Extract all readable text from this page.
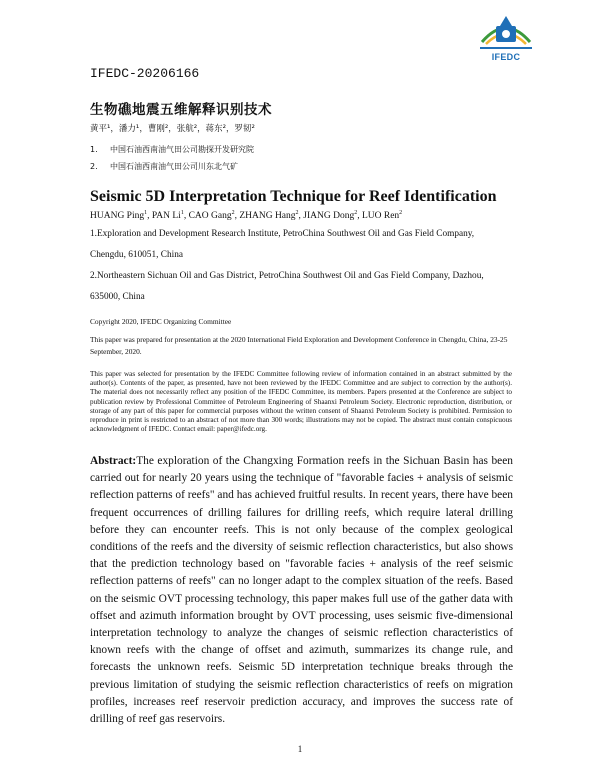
IFEDC
IFEDC-20206166
生物礁地震五维解释识别技术
黄平¹，潘力¹，曹刚²，张航²，蒋东²，罗韧²
1. 中国石油西南油气田公司勘探开发研究院
2. 中国石油西南油气田公司川东北气矿
Seismic 5D Interpretation Technique for Reef Identification
HUANG Ping$^1$, PAN Li$^1$, CAO Gang$^2$, ZHANG Hang$^2$, JIANG Dong$^2$, LUO Ren$^2$
1.Exploration and Development Research Institute, PetroChina Southwest Oil and Gas Field Company, Chengdu, 610051, China
2.Northeastern Sichuan Oil and Gas District, PetroChina Southwest Oil and Gas Field Company, Dazhou, 635000, China
Copyright 2020, IFEDC Organizing Committee
This paper was prepared for presentation at the 2020 International Field Exploration and Development Conference in Chengdu, China, 23-25 September, 2020.
This paper was selected for presentation by the IFEDC Committee following review of information contained in an abstract submitted by the author(s). Contents of the paper, as presented, have not been reviewed by the IFEDC Committee and are subject to correction by the author(s). The material does not necessarily reflect any position of the IFEDC Committee, its members. Papers presented at the Conference are subject to publication review by Professional Committee of Petroleum Engineering of Shaanxi Petroleum Society. Electronic reproduction, distribution, or storage of any part of this paper for commercial purposes without the written consent of Shaanxi Petroleum Society is prohibited. Permission to reproduce in print is restricted to an abstract of not more than 300 words; illustrations may not be copied. The abstract must contain conspicuous acknowledgment of IFEDC. Contact email: paper@ifedc.org.
Abstract:The exploration of the Changxing Formation reefs in the Sichuan Basin has been carried out for nearly 20 years using the technique of "favorable facies + analysis of seismic reflection patterns of reefs" and has achieved fruitful results. In recent years, there have been frequent occurrences of drilling failures for drilling reefs, which require lateral drilling before they can encounter reefs. This is not only because of the complex geological conditions of the reefs and the diversity of seismic reflection characteristics, but also shows that the prediction technology based on "favorable facies + analysis of the reef seismic reflection patterns of reefs" can no longer adapt to the complex situation of the reefs. Based on the seismic OVT processing technology, this paper makes full use of the gather data with offset and azimuth information brought by OVT processing, uses seismic five-dimensional interpretation technology to analyze the changes of seismic reflection characteristics of known reefs with the change of offset and azimuth, summarizes its change rule, and forecasts the unknown reefs. Seismic 5D interpretation technique breaks through the previous limitation of studying the seismic reflection characteristics of reefs on migration profiles, increases reef reservoir prediction accuracy, and improves the success rate of drilling of reef gas reservoirs.
1
